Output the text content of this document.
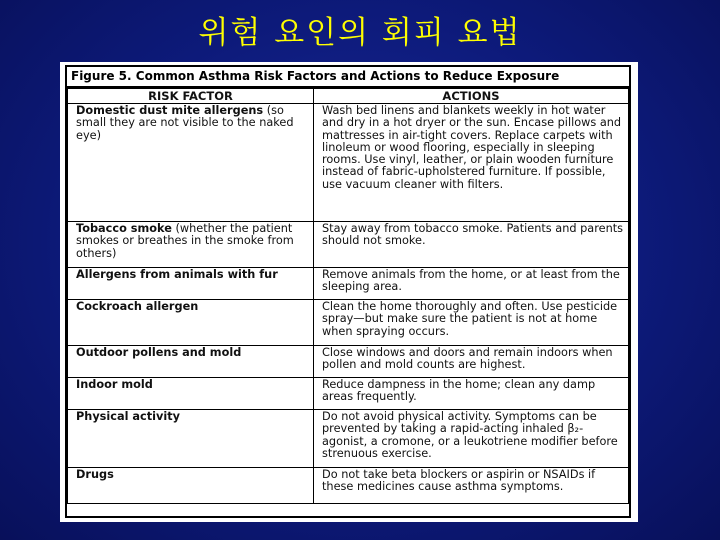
위험 요인의 회피 요법
Figure 5. Common Asthma Risk Factors and Actions to Reduce Exposure
RISK FACTOR	ACTIONS
Domestic dust mite allergens (so small they are not visible to the naked eye)	Wash bed linens and blankets weekly in hot water and dry in a hot dryer or the sun. Encase pillows and mattresses in air-tight covers. Replace carpets with linoleum or wood flooring, especially in sleeping rooms. Use vinyl, leather, or plain wooden furniture instead of fabric-upholstered furniture. If possible, use vacuum cleaner with filters.
Tobacco smoke (whether the patient smokes or breathes in the smoke from others)	Stay away from tobacco smoke. Patients and parents should not smoke.
Allergens from animals with fur	Remove animals from the home, or at least from the sleeping area.
Cockroach allergen	Clean the home thoroughly and often. Use pesticide spray—but make sure the patient is not at home when spraying occurs.
Outdoor pollens and mold	Close windows and doors and remain indoors when pollen and mold counts are highest.
Indoor mold	Reduce dampness in the home; clean any damp areas frequently.
Physical activity	Do not avoid physical activity. Symptoms can be prevented by taking a rapid-acting inhaled β₂-agonist, a cromone, or a leukotriene modifier before strenuous exercise.
Drugs	Do not take beta blockers or aspirin or NSAIDs if these medicines cause asthma symptoms.
